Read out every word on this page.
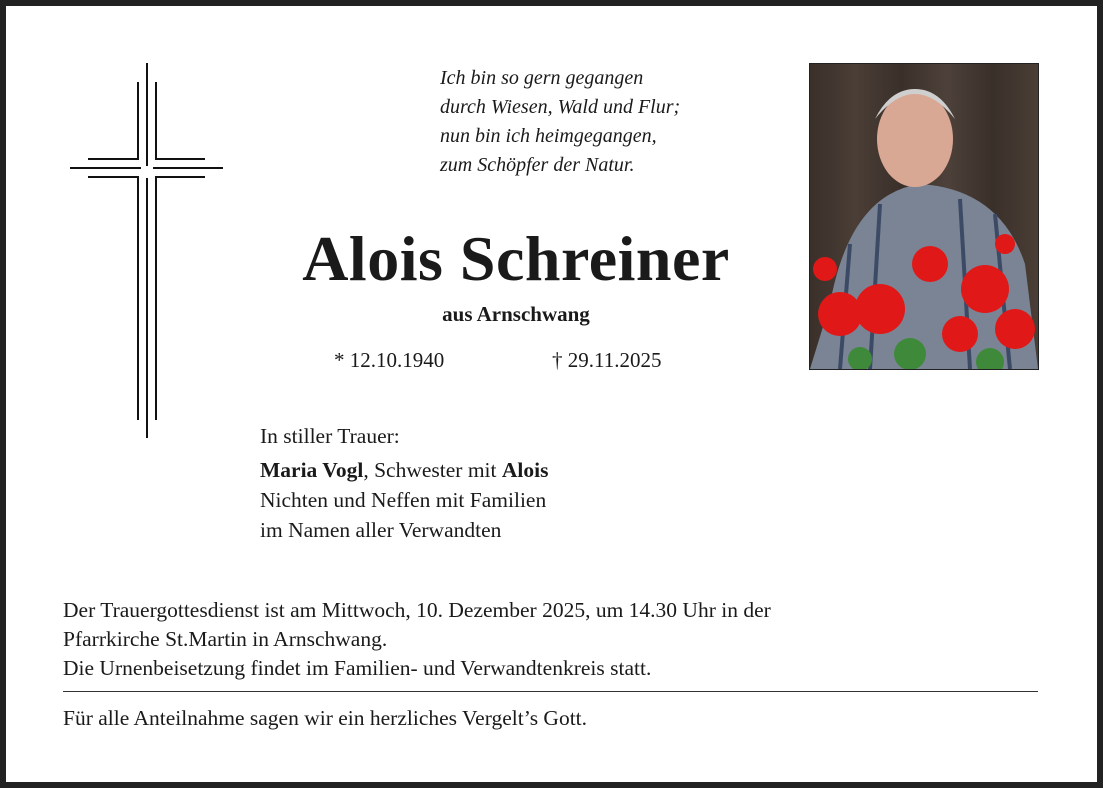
Ich bin so gern gegangen
durch Wiesen, Wald und Flur;
nun bin ich heimgegangen,
zum Schöpfer der Natur.
Alois Schreiner
aus Arnschwang
* 12.10.1940	† 29.11.2025

In stiller Trauer:

Maria Vogl, Schwester mit Alois

Nichten und Neffen mit Familien

im Namen aller Verwandten

Der Trauergottesdienst ist am Mittwoch, 10. Dezember 2025, um 14.30 Uhr in der

Pfarrkirche St.Martin in Arnschwang.

Die Urnenbeisetzung findet im Familien- und Verwandtenkreis statt.

Für alle Anteilnahme sagen wir ein herzliches Vergelt’s Gott.
